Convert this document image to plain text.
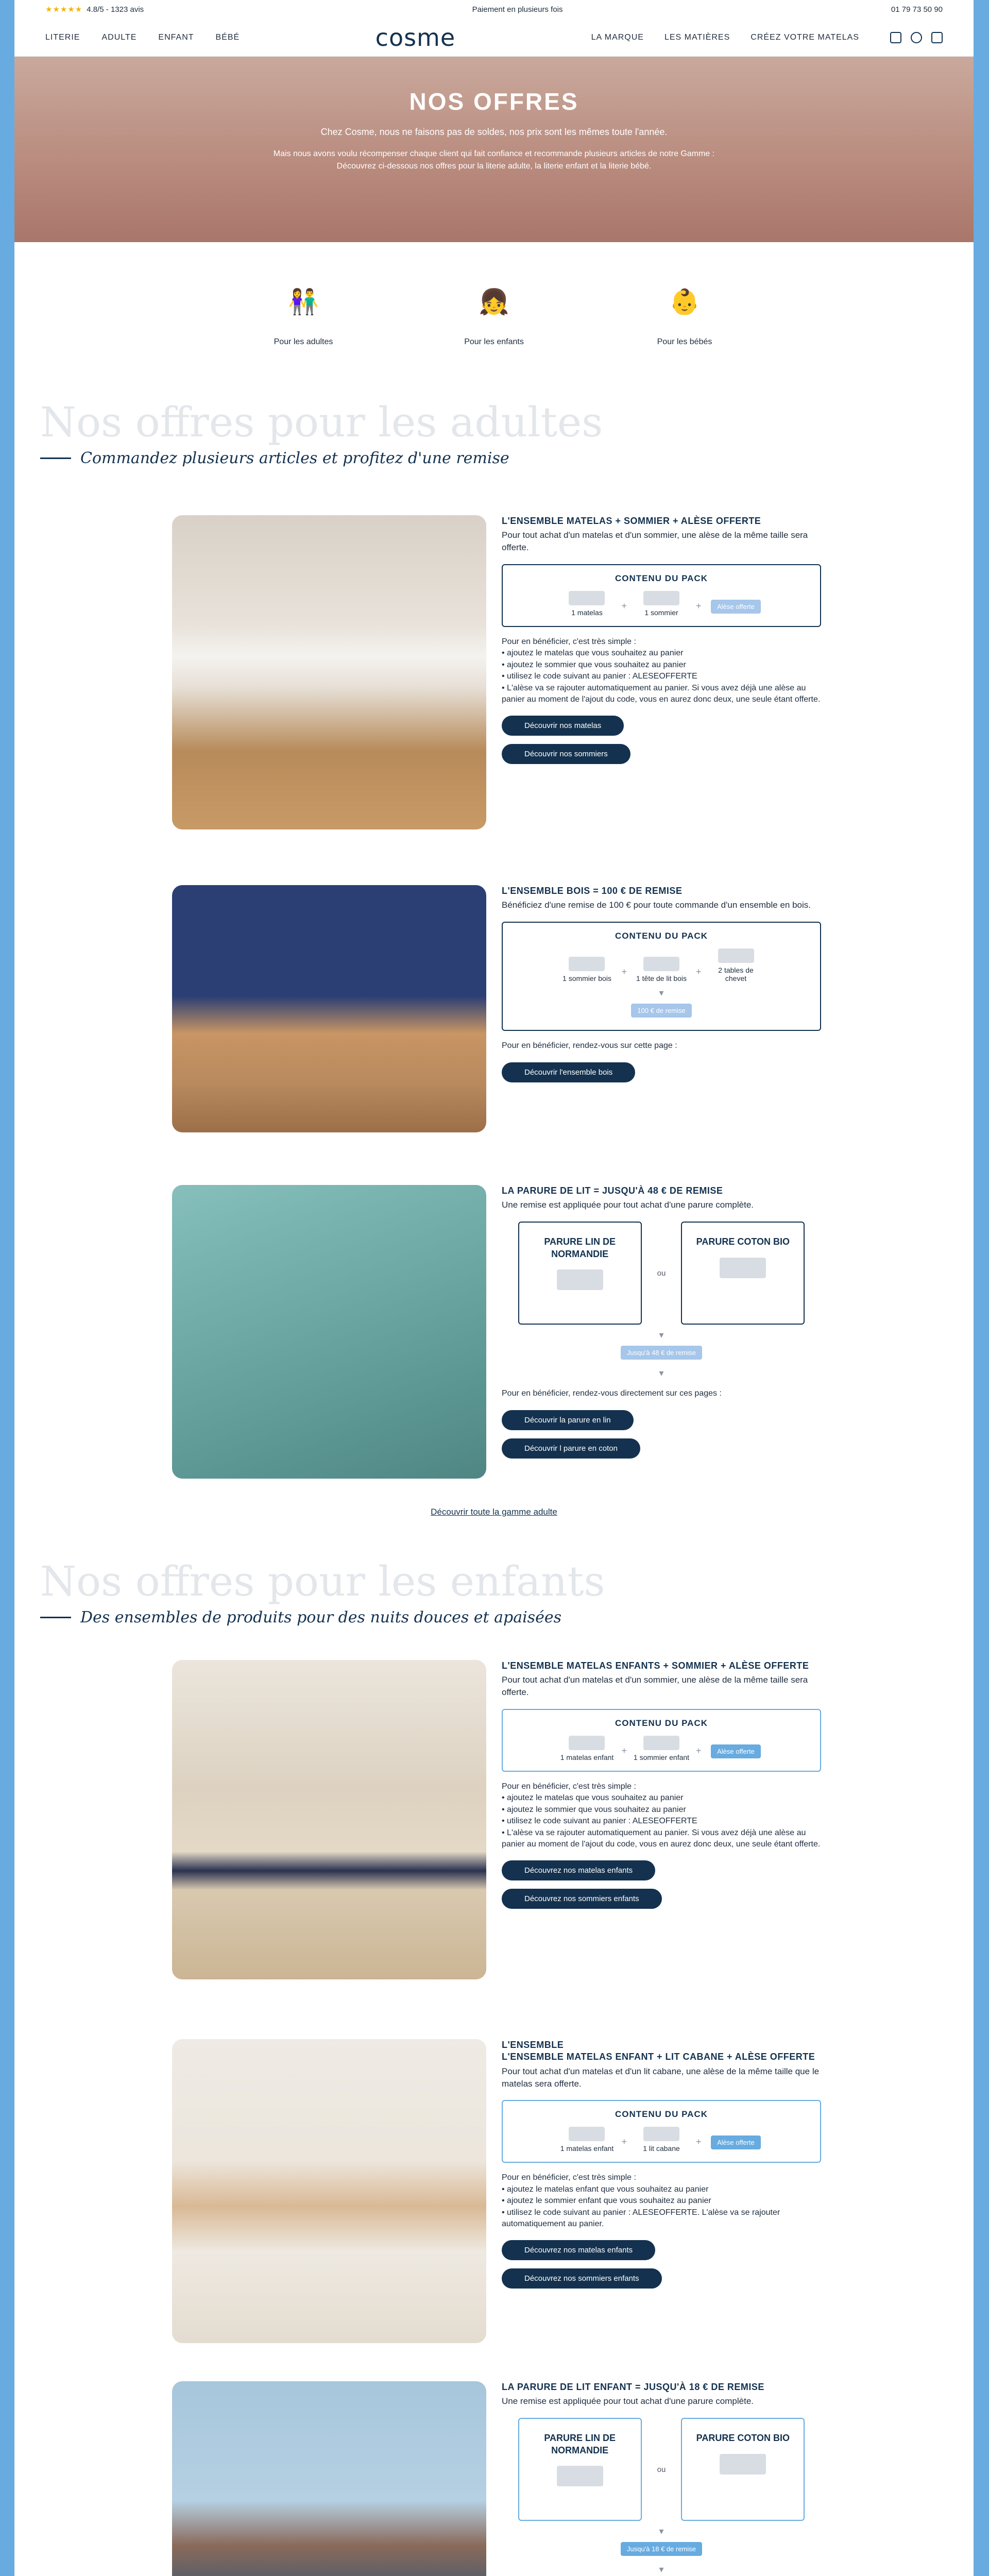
★★★★★ 4.8/5 - 1323 avis	Paiement en plusieurs fois	01 79 73 50 90
LITERIE	ADULTE	ENFANT	BÉBÉ	cosme	LA MARQUE	LES MATIÈRES	CRÉEZ VOTRE MATELAS
NOS OFFRES
Chez Cosme, nous ne faisons pas de soldes, nos prix sont les mêmes toute l'année.
Mais nous avons voulu récompenser chaque client qui fait confiance et recommande plusieurs articles de notre Gamme : Découvrez ci-dessous nos offres pour la literie adulte, la literie enfant et la literie bébé.
👫
Pour les adultes
👧
Pour les enfants
👶
Pour les bébés
Nos offres pour les adultes
Commandez plusieurs articles et profitez d'une remise
L'ENSEMBLE MATELAS + SOMMIER + ALÈSE OFFERTE
Pour tout achat d'un matelas et d'un sommier, une alèse de la même taille sera offerte.
CONTENU DU PACK
1 matelas
+
1 sommier
+	Alèse offerte
Pour en bénéficier, c'est très simple :
• ajoutez le matelas que vous souhaitez au panier
• ajoutez le sommier que vous souhaitez au panier
• utilisez le code suivant au panier : ALESEOFFERTE
• L'alèse va se rajouter automatiquement au panier. Si vous avez déjà une alèse au panier au moment de l'ajout du code, vous en aurez donc deux, une seule étant offerte.
Découvrir nos matelas
Découvrir nos sommiers
L'ENSEMBLE BOIS = 100 € DE REMISE
Bénéficiez d'une remise de 100 € pour toute commande d'un ensemble en bois.
CONTENU DU PACK
1 sommier bois
+
1 tête de lit bois
+	2 tables de chevet
▾
100 € de remise
Pour en bénéficier, rendez-vous sur cette page :
Découvrir l'ensemble bois
LA PARURE DE LIT = JUSQU'À 48 € DE REMISE
Une remise est appliquée pour tout achat d'une parure complète.
PARURE LIN DE NORMANDIE
ou
PARURE COTON BIO
▾
Jusqu'à 48 € de remise
▾
Pour en bénéficier, rendez-vous directement sur ces pages :
Découvrir la parure en lin
Découvrir l parure en coton
Découvrir toute la gamme adulte
Nos offres pour les enfants
Des ensembles de produits pour des nuits douces et apaisées
L'ENSEMBLE MATELAS ENFANTS + SOMMIER + ALÈSE OFFERTE
Pour tout achat d'un matelas et d'un sommier, une alèse de la même taille sera offerte.
CONTENU DU PACK
1 matelas enfant
+
1 sommier enfant
+	Alèse offerte
Pour en bénéficier, c'est très simple :
• ajoutez le matelas que vous souhaitez au panier
• ajoutez le sommier que vous souhaitez au panier
• utilisez le code suivant au panier : ALESEOFFERTE
• L'alèse va se rajouter automatiquement au panier. Si vous avez déjà une alèse au panier au moment de l'ajout du code, vous en aurez donc deux, une seule étant offerte.
Découvrez nos matelas enfants
Découvrez nos sommiers enfants
L'ENSEMBLE
L'ENSEMBLE MATELAS ENFANT + LIT CABANE + ALÈSE OFFERTE
Pour tout achat d'un matelas et d'un lit cabane, une alèse de la même taille que le matelas sera offerte.
CONTENU DU PACK
1 matelas enfant
+
1 lit cabane
+	Alèse offerte
Pour en bénéficier, c'est très simple :
• ajoutez le matelas enfant que vous souhaitez au panier
• ajoutez le sommier enfant que vous souhaitez au panier
• utilisez le code suivant au panier : ALESEOFFERTE. L'alèse va se rajouter automatiquement au panier.
Découvrez nos matelas enfants
Découvrez nos sommiers enfants
LA PARURE DE LIT ENFANT = JUSQU'À 18 € DE REMISE
Une remise est appliquée pour tout achat d'une parure complète.
PARURE LIN DE NORMANDIE
ou
PARURE COTON BIO
▾
Jusqu'à 18 € de remise
▾
